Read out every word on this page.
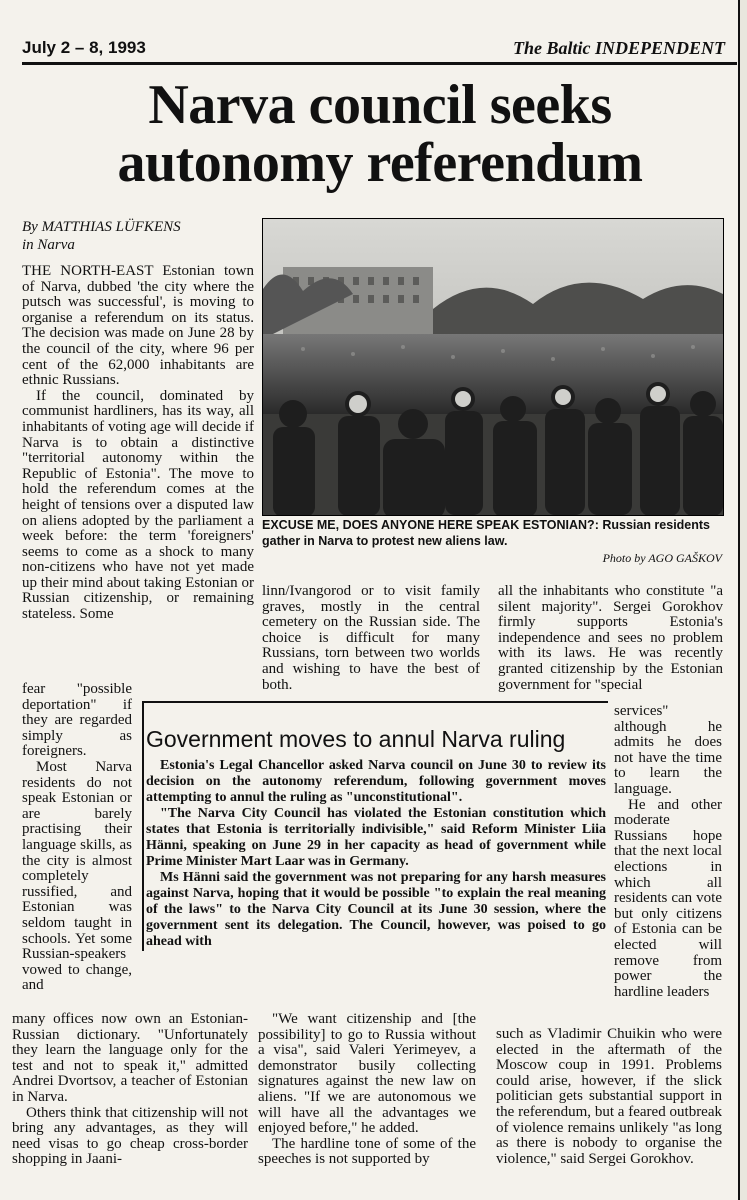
July 2 – 8, 1993	The Baltic INDEPENDENT
Narva council seeks
autonomy referendum
By MATTHIAS LÜFKENS
in Narva

THE NORTH-EAST Estonian town of Narva, dubbed 'the city where the putsch was successful', is moving to organise a referendum on its status. The decision was made on June 28 by the council of the city, where 96 per cent of the 62,000 inhabitants are ethnic Russians.

If the council, dominated by communist hardliners, has its way, all inhabitants of voting age will decide if Narva is to obtain a distinctive "territorial autonomy within the Republic of Estonia". The move to hold the referendum comes at the height of tensions over a disputed law on aliens adopted by the parliament a week before: the term 'foreigners' seems to come as a shock to many non-citizens who have not yet made up their mind about taking Estonian or Russian citizenship, or remaining stateless. Some

fear "possible deportation" if they are regarded simply as foreigners.

Most Narva residents do not speak Estonian or are barely practising their language skills, as the city is almost completely russified, and Estonian was seldom taught in schools. Yet some Russian-speakers vowed to change, and

many offices now own an Estonian-Russian dictionary. "Unfortunately they learn the language only for the test and not to speak it," admitted Andrei Dvortsov, a teacher of Estonian in Narva.

Others think that citizenship will not bring any advantages, as they will need visas to go cheap cross-border shopping in Jaani-

EXCUSE ME, DOES ANYONE HERE SPEAK ESTONIAN?: Russian residents gather in Narva to protest new aliens law.
Photo by AGO GAŠKOV

linn/Ivangorod or to visit family graves, mostly in the central cemetery on the Russian side. The choice is difficult for many Russians, torn between two worlds and wishing to have the best of both.

all the inhabitants who constitute "a silent majority". Sergei Gorokhov firmly supports Estonia's independence and sees no problem with its laws. He was recently granted citizenship by the Estonian government for "special

services" although he admits he does not have the time to learn the language.

He and other moderate Russians hope that the next local elections in which all residents can vote but only citizens of Estonia can be elected will remove from power the hardline leaders

Government moves to annul Narva ruling

Estonia's Legal Chancellor asked Narva council on June 30 to review its decision on the autonomy referendum, following government moves attempting to annul the ruling as "unconstitutional".

"The Narva City Council has violated the Estonian constitution which states that Estonia is territorially indivisible," said Reform Minister Liia Hänni, speaking on June 29 in her capacity as head of government while Prime Minister Mart Laar was in Germany.

Ms Hänni said the government was not preparing for any harsh measures against Narva, hoping that it would be possible "to explain the real meaning of the laws" to the Narva City Council at its June 30 session, where the government sent its delegation. The Council, however, was poised to go ahead with

"We want citizenship and [the possibility] to go to Russia without a visa", said Valeri Yerimeyev, a demonstrator busily collecting signatures against the new law on aliens. "If we are autonomous we will have all the advantages we enjoyed before," he added.

The hardline tone of some of the speeches is not supported by

such as Vladimir Chuikin who were elected in the aftermath of the Moscow coup in 1991. Problems could arise, however, if the slick politician gets substantial support in the referendum, but a feared outbreak of violence remains unlikely "as long as there is nobody to organise the violence," said Sergei Gorokhov.
